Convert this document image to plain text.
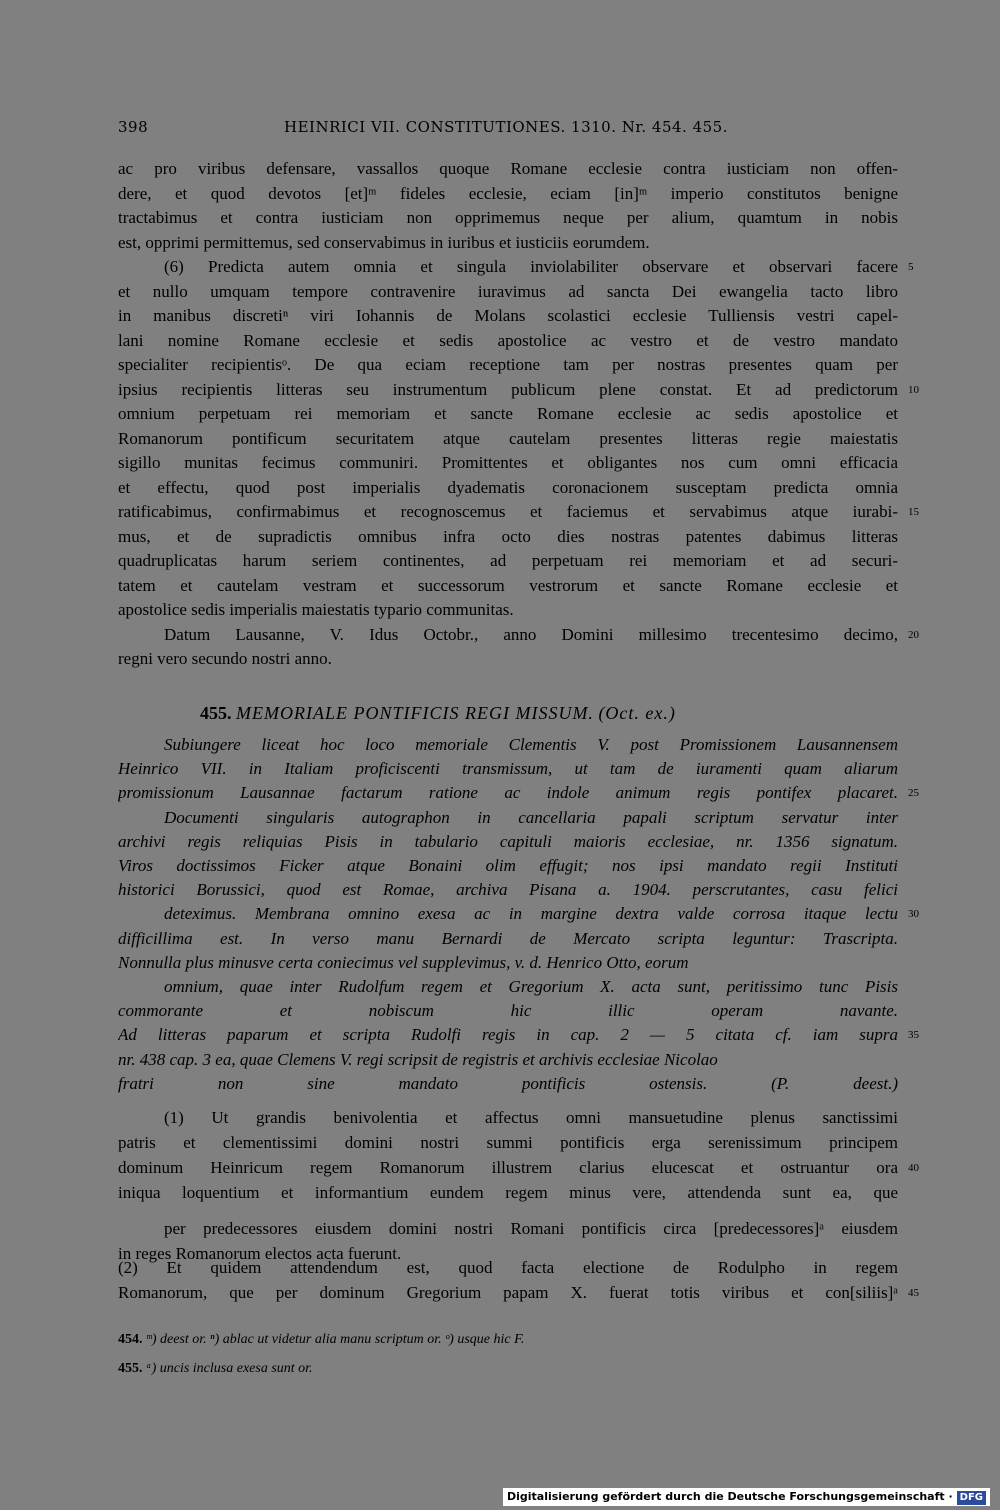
398	HEINRICI VII. CONSTITUTIONES. 1310. Nr. 454. 455.
ac pro viribus defensare, vassallos quoque Romane ecclesie contra iusticiam non offen-
dere, et quod devotos [et]ᵐ fideles ecclesie, eciam [in]ᵐ imperio constitutos benigne
tractabimus et contra iusticiam non opprimemus neque per alium, quamtum in nobis
est, opprimi permittemus, sed conservabimus in iuribus et iusticiis eorumdem.
(6) Predicta autem omnia et singula inviolabiliter observare et observari facere 5
et nullo umquam tempore contravenire iuravimus ad sancta Dei ewangelia tacto libro
in manibus discretiⁿ viri Iohannis de Molans scolastici ecclesie Tulliensis vestri capel-
lani nomine Romane ecclesie et sedis apostolice ac vestro et de vestro mandato
specialiter recipientisᵒ. De qua eciam receptione tam per nostras presentes quam per
ipsius recipientis litteras seu instrumentum publicum plene constat. Et ad predictorum 10
omnium perpetuam rei memoriam et sancte Romane ecclesie ac sedis apostolice et
Romanorum pontificum securitatem atque cautelam presentes litteras regie maiestatis
sigillo munitas fecimus communiri. Promittentes et obligantes nos cum omni efficacia
et effectu, quod post imperialis dyadematis coronacionem susceptam predicta omnia
ratificabimus, confirmabimus et recognoscemus et faciemus et servabimus atque iurabi- 15
mus, et de supradictis omnibus infra octo dies nostras patentes dabimus litteras
quadruplicatas harum seriem continentes, ad perpetuam rei memoriam et ad securi-
tatem et cautelam vestram et successorum vestrorum et sancte Romane ecclesie et
apostolice sedis imperialis maiestatis typario communitas.
Datum Lausanne, V. Idus Octobr., anno Domini millesimo trecentesimo decimo, 20
regni vero secundo nostri anno.
455. MEMORIALE PONTIFICIS REGI MISSUM. (Oct. ex.)
Subiungere liceat hoc loco memoriale Clementis V. post Promissionem Lausannensem
Heinrico VII. in Italiam proficiscenti transmissum, ut tam de iuramenti quam aliarum
promissionum Lausannae factarum ratione ac indole animum regis pontifex placaret. 25
Documenti singularis autographon in cancellaria papali scriptum servatur inter
archivi regis reliquias Pisis in tabulario capituli maioris ecclesiae, nr. 1356 signatum.
Viros doctissimos Ficker atque Bonaini olim effugit; nos ipsi mandato regii Instituti
historici Borussici, quod est Romae, archiva Pisana a. 1904. perscrutantes, casu felici
deteximus. Membrana omnino exesa ac in margine dextra valde corrosa itaque lectu 30
difficillima est. In verso manu Bernardi de Mercato scripta leguntur: Trascripta.
Nonnulla plus minusve certa coniecimus vel supplevimus, v. d. Henrico Otto, eorum
omnium, quae inter Rudolfum regem et Gregorium X. acta sunt, peritissimo tunc Pisis
commorante et nobiscum hic illic operam navante.
Ad litteras paparum et scripta Rudolfi regis in cap. 2 — 5 citata cf. iam supra 35
nr. 438 cap. 3 ea, quae Clemens V. regi scripsit de registris et archivis ecclesiae Nicolao
fratri non sine mandato pontificis ostensis. (P. deest.)
(1) Ut grandis benivolentia et affectus omni mansuetudine plenus sanctissimi
patris et clementissimi domini nostri summi pontificis erga serenissimum principem
dominum Heinricum regem Romanorum illustrem clarius elucescat et ostruantur ora 40
iniqua loquentium et informantium eundem regem minus vere, attendenda sunt ea, que
per predecessores eiusdem domini nostri Romani pontificis circa [predecessores]ᵃ eiusdem
in reges Romanorum electos acta fuerunt.
(2) Et quidem attendendum est, quod facta electione de Rodulpho in regem
Romanorum, que per dominum Gregorium papam X. fuerat totis viribus et con[siliis]ᵃ 45
454. ᵐ) deest or. ⁿ) ablac ut videtur alia manu scriptum or. ᵒ) usque hic F.
455. ᵃ) uncis inclusa exesa sunt or.
Digitalisierung gefördert durch die Deutsche Forschungsgemeinschaft · DFG
